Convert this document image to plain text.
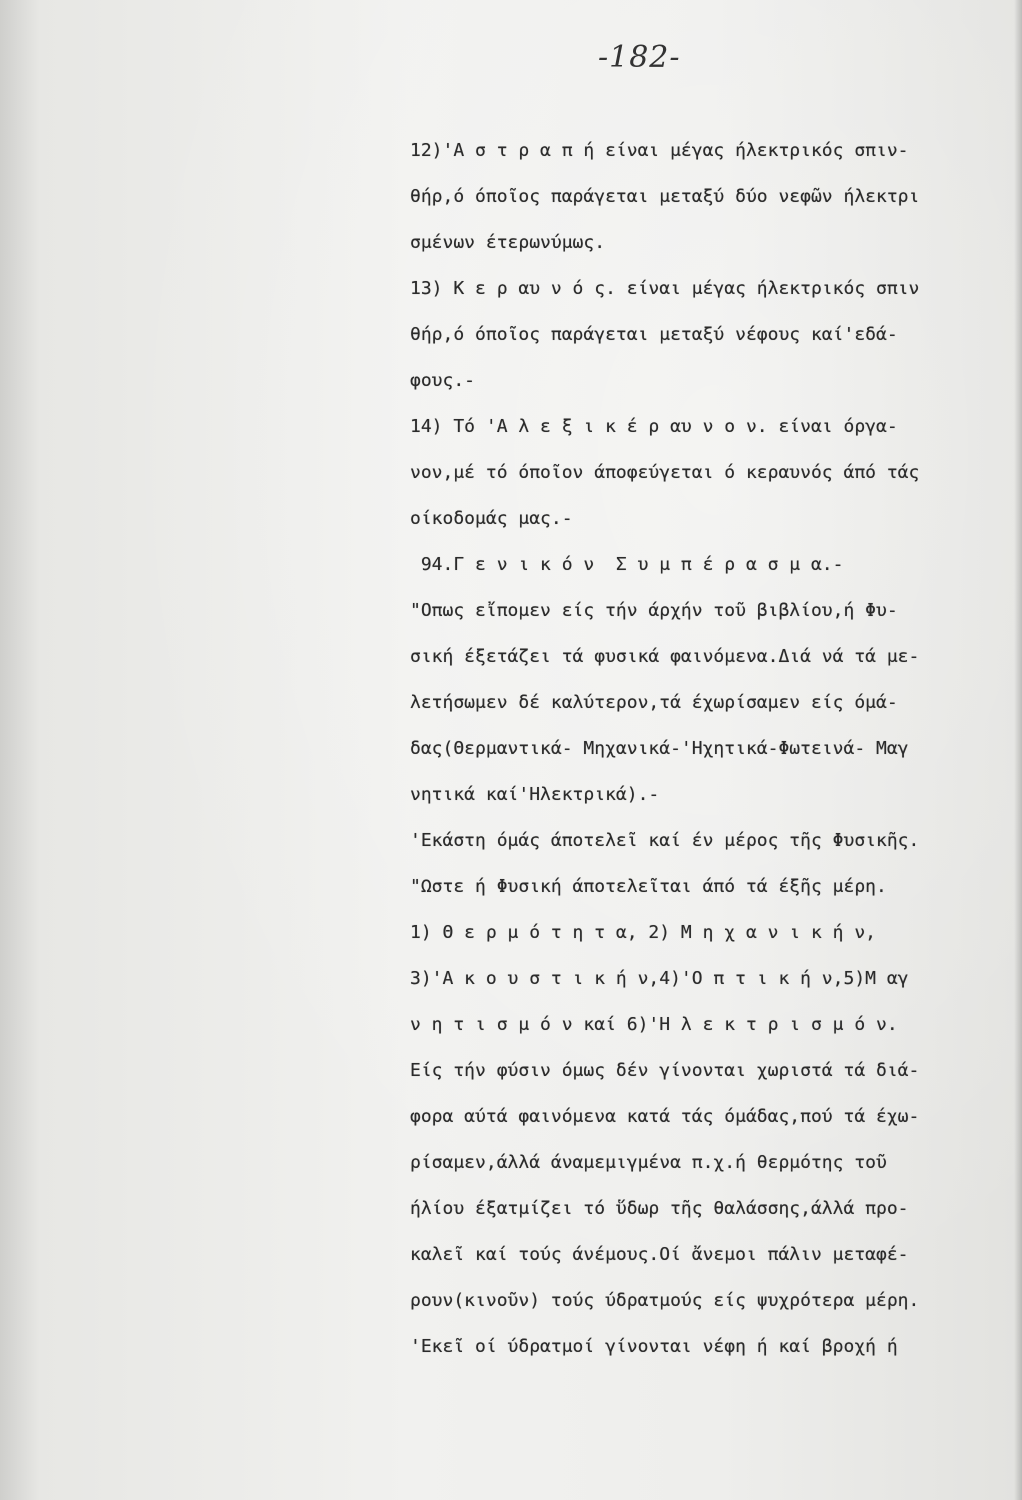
-182-
12)'Α σ τ ρ α π ή είναι μέγας ήλεκτρικός σπιν-
θήρ,ό όποῖος παράγεται μεταξύ δύο νεφῶν ήλεκτρι
σμένων έτερωνύμως.
13) Κ ε ρ αυ ν ό ς. είναι μέγας ήλεκτρικός σπιν
θήρ,ό όποῖος παράγεται μεταξύ νέφους καί'εδά-
φους.-
14) Τό 'Α λ ε ξ ι κ έ ρ αυ ν ο ν. είναι όργα-
νον,μέ τό όποῖον άποφεύγεται ό κεραυνός άπό τάς
οίκοδομάς μας.-
94.Γ ε ν ι κ ό ν  Σ υ μ π έ ρ α σ μ α.-
"Οπως εἴπομεν είς τήν άρχήν τοῦ βιβλίου,ή Φυ-
σική έξετάζει τά φυσικά φαινόμενα.Διά νά τά με-
λετήσωμεν δέ καλύτερον,τά έχωρίσαμεν είς όμά-
δας(Θερμαντικά- Μηχανικά-'Ηχητικά-Φωτεινά- Μαγ
νητικά καί'Ηλεκτρικά).-
'Εκάστη όμάς άποτελεῖ καί έν μέρος τῆς Φυσικῆς.
"Ωστε ή Φυσική άποτελεῖται άπό τά έξῆς μέρη.
1) Θ ε ρ μ ό τ η τ α, 2) Μ η χ α ν ι κ ή ν,
3)'Α κ ο υ σ τ ι κ ή ν,4)'Ο π τ ι κ ή ν,5)Μ αγ
ν η τ ι σ μ ό ν καί 6)'Η λ ε κ τ ρ ι σ μ ό ν.
Είς τήν φύσιν όμως δέν γίνονται χωριστά τά διά-
φορα αύτά φαινόμενα κατά τάς όμάδας,πού τά έχω-
ρίσαμεν,άλλά άναμεμιγμένα π.χ.ή θερμότης τοῦ
ήλίου έξατμίζει τό ὕδωρ τῆς θαλάσσης,άλλά προ-
καλεῖ καί τούς άνέμους.Οί ἄνεμοι πάλιν μεταφέ-
ρουν(κινοῦν) τούς ύδρατμούς είς ψυχρότερα μέρη.
'Εκεῖ οί ύδρατμοί γίνονται νέφη ή καί βροχή ή
